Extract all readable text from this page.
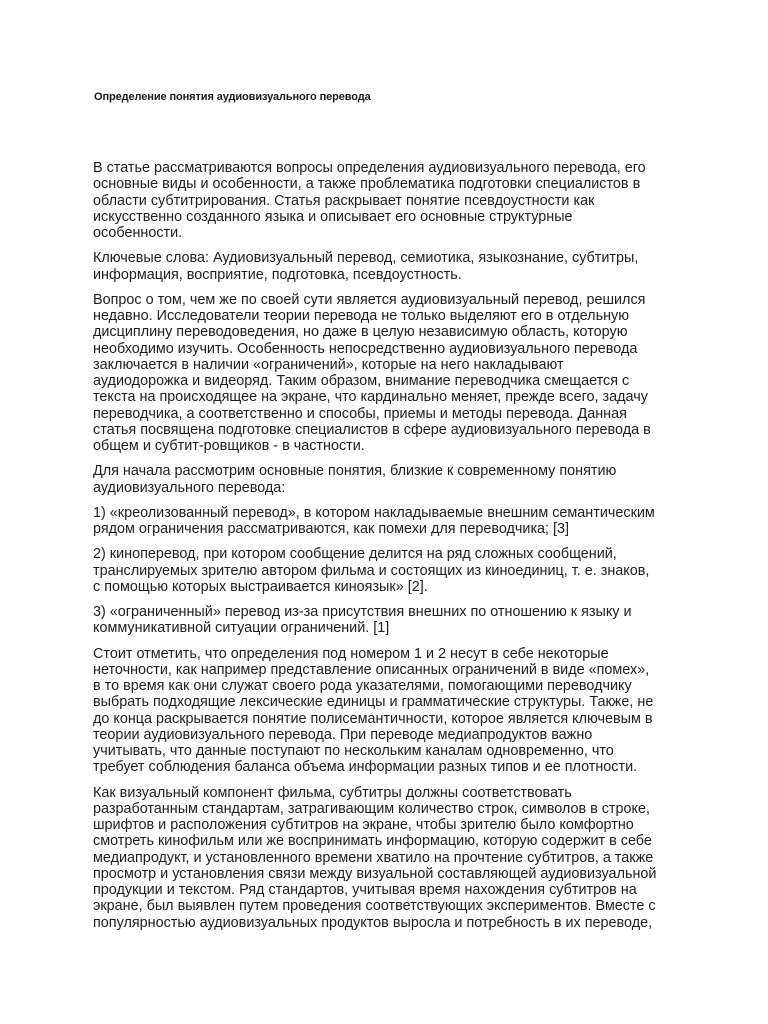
Определение понятия аудиовизуального перевода

В статье рассматриваются вопросы определения аудиовизуального перевода, его
основные виды и особенности, а также проблематика подготовки специалистов в
области субтитрирования. Статья раскрывает понятие псевдоустности как
искусственно созданного языка и описывает его основные структурные
особенности.

Ключевые слова: Аудиовизуальный перевод, семиотика, языкознание, субтитры,
информация, восприятие, подготовка, псевдоустность.

Вопрос о том, чем же по своей сути является аудиовизуальный перевод, решился
недавно. Исследователи теории перевода не только выделяют его в отдельную
дисциплину переводоведения, но даже в целую независимую область, которую
необходимо изучить. Особенность непосредственно аудиовизуального перевода
заключается в наличии «ограничений», которые на него накладывают
аудиодорожка и видеоряд. Таким образом, внимание переводчика смещается с
текста на происходящее на экране, что кардинально меняет, прежде всего, задачу
переводчика, а соответственно и способы, приемы и методы перевода. Данная
статья посвящена подготовке специалистов в сфере аудиовизуального перевода в
общем и субтит-ровщиков - в частности.

Для начала рассмотрим основные понятия, близкие к современному понятию
аудиовизуального перевода:

1) «креолизованный перевод», в котором накладываемые внешним семантическим
рядом ограничения рассматриваются, как помехи для переводчика; [3]

2) киноперевод, при котором сообщение делится на ряд сложных сообщений,
транслируемых зрителю автором фильма и состоящих из киноединиц, т. е. знаков,
с помощью которых выстраивается киноязык» [2].

3) «ограниченный» перевод из-за присутствия внешних по отношению к языку и
коммуникативной ситуации ограничений. [1]

Стоит отметить, что определения под номером 1 и 2 несут в себе некоторые
неточности, как например представление описанных ограничений в виде «помех»,
в то время как они служат своего рода указателями, помогающими переводчику
выбрать подходящие лексические единицы и грамматические структуры. Также, не
до конца раскрывается понятие полисемантичности, которое является ключевым в
теории аудиовизуального перевода. При переводе медиапродуктов важно
учитывать, что данные поступают по нескольким каналам одновременно, что
требует соблюдения баланса объема информации разных типов и ее плотности.

Как визуальный компонент фильма, субтитры должны соответствовать
разработанным стандартам, затрагивающим количество строк, символов в строке,
шрифтов и расположения субтитров на экране, чтобы зрителю было комфортно
смотреть кинофильм или же воспринимать информацию, которую содержит в себе
медиапродукт, и установленного времени хватило на прочтение субтитров, а также
просмотр и установления связи между визуальной составляющей аудиовизуальной
продукции и текстом. Ряд стандартов, учитывая время нахождения субтитров на
экране, был выявлен путем проведения соответствующих экспериментов. Вместе с
популярностью аудиовизуальных продуктов выросла и потребность в их переводе,
